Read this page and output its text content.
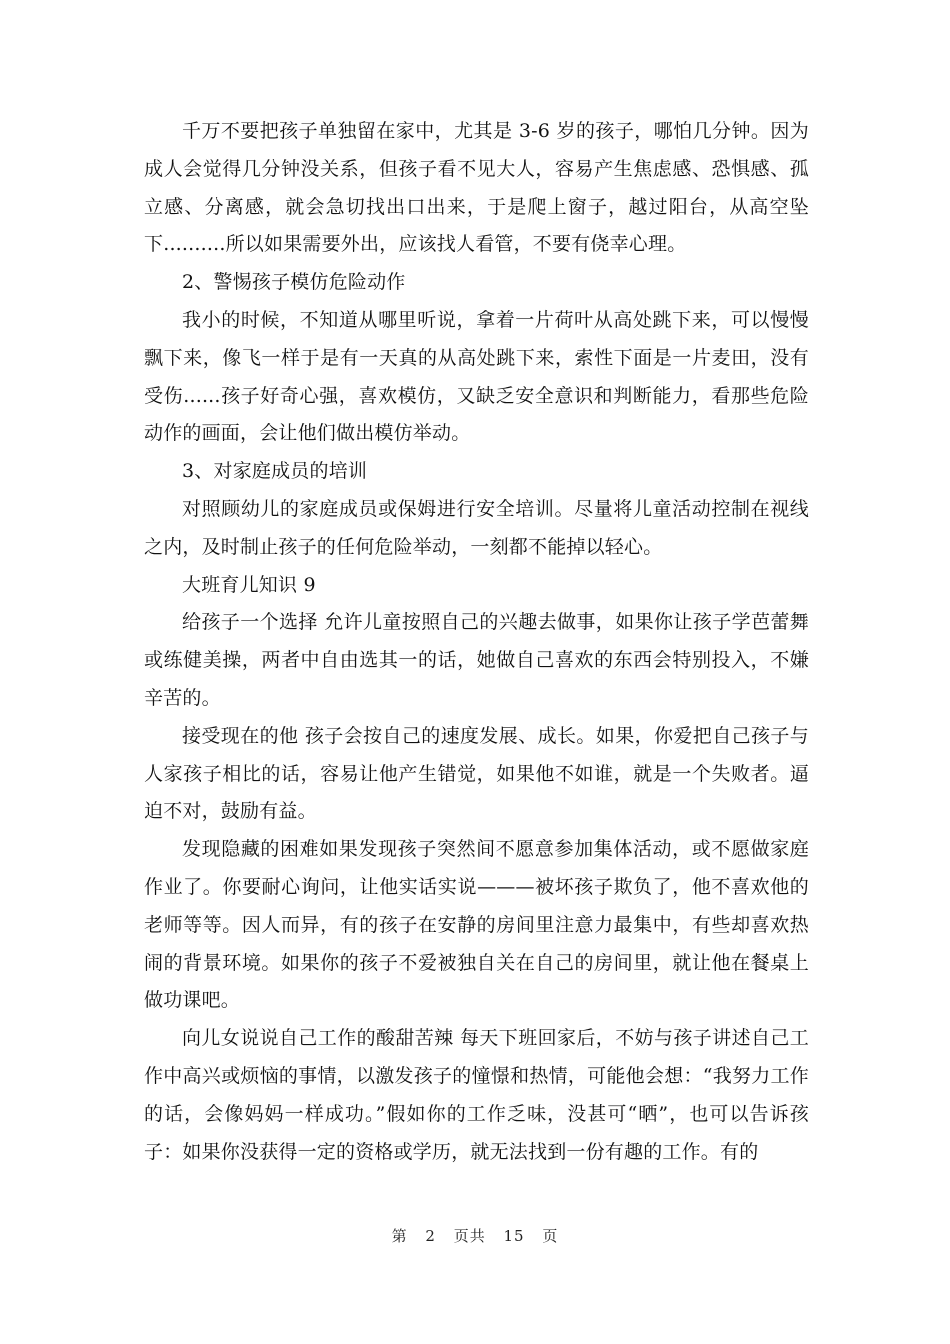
千万不要把孩子单独留在家中，尤其是 3-6 岁的孩子，哪怕几分钟。因为成人会觉得几分钟没关系，但孩子看不见大人，容易产生焦虑感、恐惧感、孤立感、分离感，就会急切找出口出来，于是爬上窗子，越过阳台，从高空坠下..........所以如果需要外出，应该找人看管，不要有侥幸心理。

2、警惕孩子模仿危险动作

我小的时候，不知道从哪里听说，拿着一片荷叶从高处跳下来，可以慢慢飘下来，像飞一样于是有一天真的从高处跳下来，索性下面是一片麦田，没有受伤......孩子好奇心强，喜欢模仿，又缺乏安全意识和判断能力，看那些危险动作的画面，会让他们做出模仿举动。

3、对家庭成员的培训

对照顾幼儿的家庭成员或保姆进行安全培训。尽量将儿童活动控制在视线之内，及时制止孩子的任何危险举动，一刻都不能掉以轻心。

大班育儿知识 9

给孩子一个选择 允许儿童按照自己的兴趣去做事，如果你让孩子学芭蕾舞或练健美操，两者中自由选其一的话，她做自己喜欢的东西会特别投入，不嫌辛苦的。

接受现在的他 孩子会按自己的速度发展、成长。如果，你爱把自己孩子与人家孩子相比的话，容易让他产生错觉，如果他不如谁，就是一个失败者。逼迫不对，鼓励有益。

发现隐藏的困难如果发现孩子突然间不愿意参加集体活动，或不愿做家庭作业了。你要耐心询问，让他实话实说———被坏孩子欺负了，他不喜欢他的老师等等。因人而异，有的孩子在安静的房间里注意力最集中，有些却喜欢热闹的背景环境。如果你的孩子不爱被独自关在自己的房间里，就让他在餐桌上做功课吧。

向儿女说说自己工作的酸甜苦辣 每天下班回家后，不妨与孩子讲述自己工作中高兴或烦恼的事情，以激发孩子的憧憬和热情，可能他会想：“我努力工作的话，会像妈妈一样成功。”假如你的工作乏味，没甚可“晒”，也可以告诉孩子：如果你没获得一定的资格或学历，就无法找到一份有趣的工作。有的

第 2 页共 15 页
